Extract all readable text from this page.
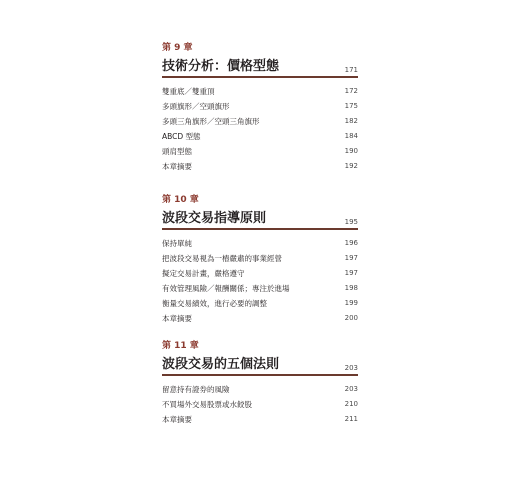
第 9 章
技術分析：價格型態	171
雙重底／雙重頂	172
多頭旗形／空頭旗形	175
多頭三角旗形／空頭三角旗形	182
ABCD 型態	184
頭肩型態	190
本章摘要	192
第 10 章
波段交易指導原則	195
保持單純	196
把波段交易視為一樁嚴肅的事業經營	197
擬定交易計畫，嚴格遵守	197
有效管理風險／報酬關係；專注於進場	198
衡量交易績效，進行必要的調整	199
本章摘要	200
第 11 章
波段交易的五個法則	203
留意持有證券的風險	203
不買場外交易股票或水餃股	210
本章摘要	211
